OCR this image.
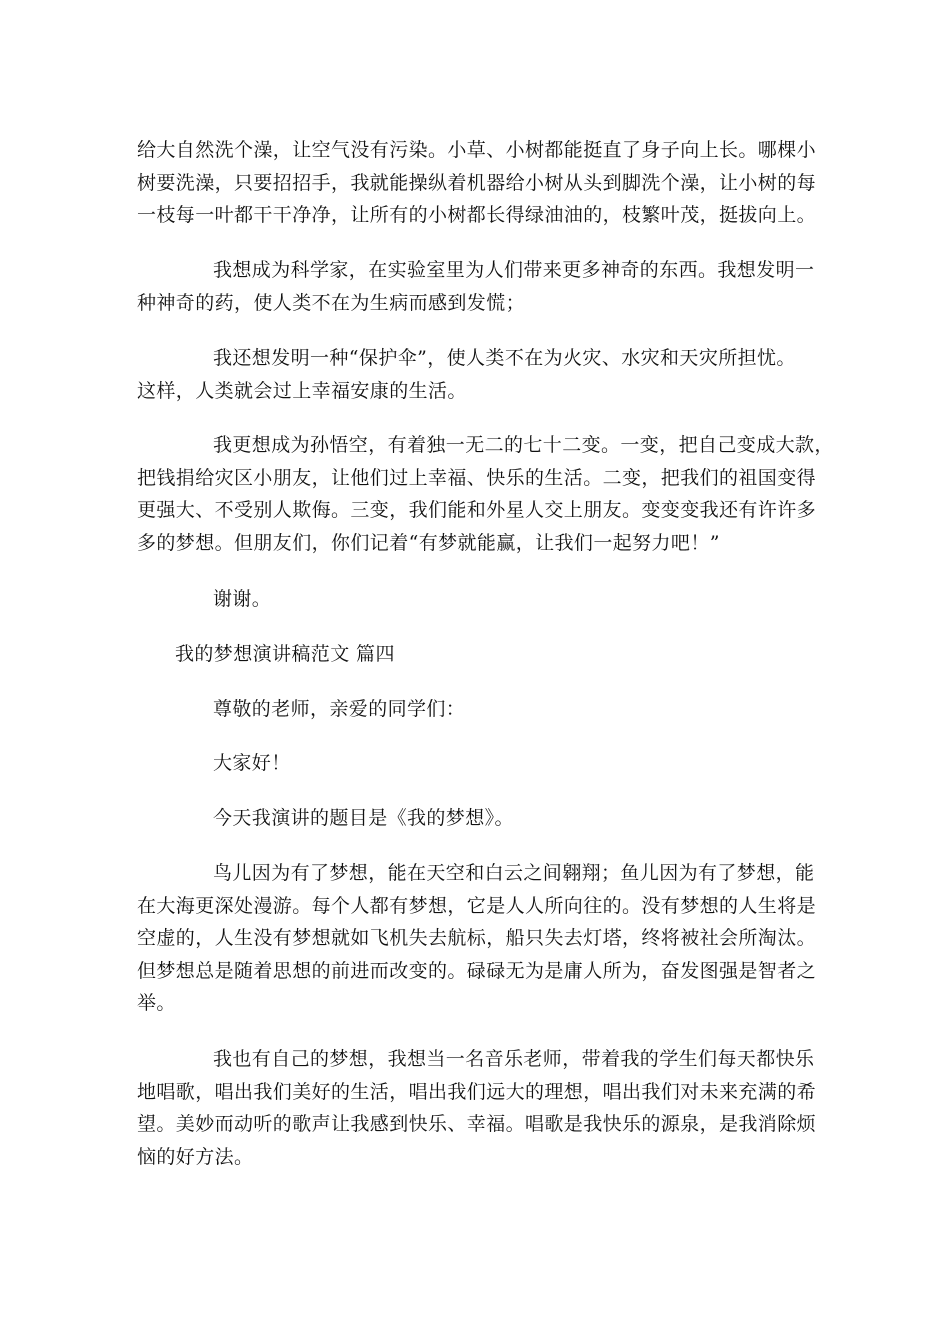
给大自然洗个澡，让空气没有污染。小草、小树都能挺直了身子向上长。哪棵小
树要洗澡，只要招招手，我就能操纵着机器给小树从头到脚洗个澡，让小树的每
一枝每一叶都干干净净，让所有的小树都长得绿油油的，枝繁叶茂，挺拔向上。

我想成为科学家，在实验室里为人们带来更多神奇的东西。我想发明一
种神奇的药，使人类不在为生病而感到发慌；

我还想发明一种“保护伞”，使人类不在为火灾、水灾和天灾所担忧。
这样，人类就会过上幸福安康的生活。

我更想成为孙悟空，有着独一无二的七十二变。一变，把自己变成大款，
把钱捐给灾区小朋友，让他们过上幸福、快乐的生活。二变，把我们的祖国变得
更强大、不受别人欺侮。三变，我们能和外星人交上朋友。变变变我还有许许多
多的梦想。但朋友们，你们记着“有梦就能赢，让我们一起努力吧！”

谢谢。

我的梦想演讲稿范文 篇四

尊敬的老师，亲爱的同学们：

大家好！

今天我演讲的题目是《我的梦想》。

鸟儿因为有了梦想，能在天空和白云之间翱翔；鱼儿因为有了梦想，能
在大海更深处漫游。每个人都有梦想，它是人人所向往的。没有梦想的人生将是
空虚的，人生没有梦想就如飞机失去航标，船只失去灯塔，终将被社会所淘汰。
但梦想总是随着思想的前进而改变的。碌碌无为是庸人所为，奋发图强是智者之
举。

我也有自己的梦想，我想当一名音乐老师，带着我的学生们每天都快乐
地唱歌，唱出我们美好的生活，唱出我们远大的理想，唱出我们对未来充满的希
望。美妙而动听的歌声让我感到快乐、幸福。唱歌是我快乐的源泉，是我消除烦
恼的好方法。
